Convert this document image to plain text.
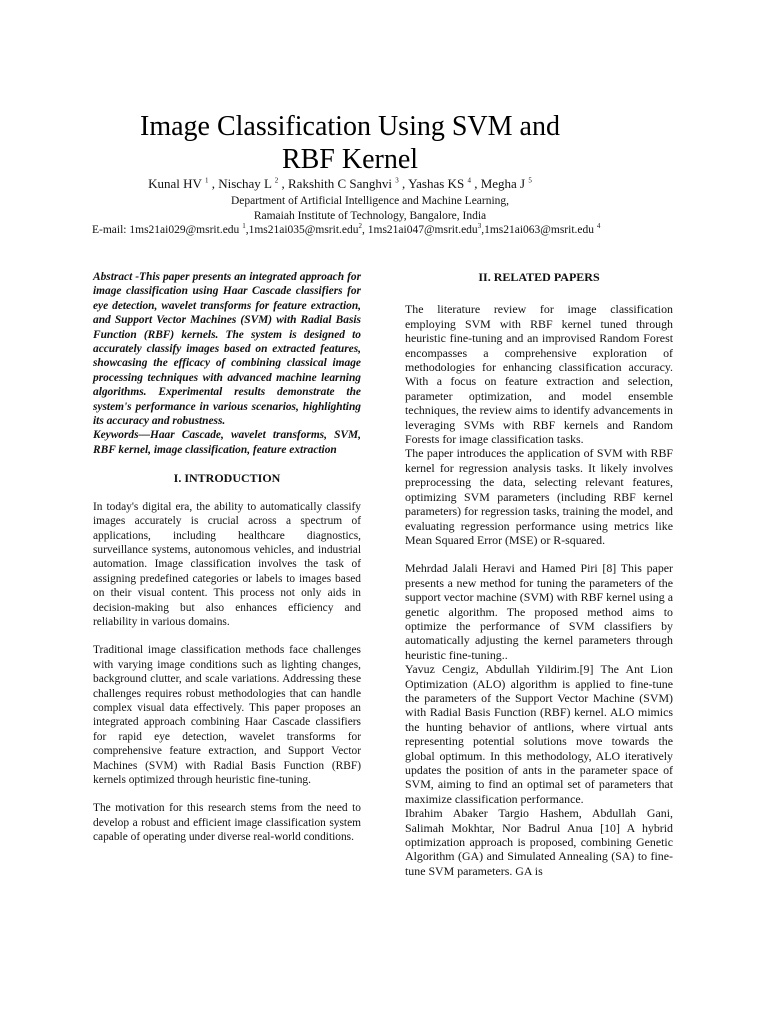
Image Classification Using SVM and
RBF Kernel
Kunal HV $^1$ , Nischay L $^2$ , Rakshith C Sanghvi $^3$ , Yashas KS $^4$ , Megha J $^5$
Department of Artificial Intelligence and Machine Learning,
Ramaiah Institute of Technology, Bangalore, India
E-mail: 1ms21ai029@msrit.edu $^1$,1ms21ai035@msrit.edu$^2$, 1ms21ai047@msrit.edu$^3$,1ms21ai063@msrit.edu $^4$

Abstract -This paper presents an integrated approach for image classification using Haar Cascade classifiers for eye detection, wavelet transforms for feature extraction, and Support Vector Machines (SVM) with Radial Basis Function (RBF) kernels. The system is designed to accurately classify images based on extracted features, showcasing the efficacy of combining classical image processing techniques with advanced machine learning algorithms. Experimental results demonstrate the system's performance in various scenarios, highlighting its accuracy and robustness.

Keywords—Haar Cascade, wavelet transforms, SVM, RBF kernel, image classification, feature extraction

I. INTRODUCTION

In today's digital era, the ability to automatically classify images accurately is crucial across a spectrum of applications, including healthcare diagnostics, surveillance systems, autonomous vehicles, and industrial automation. Image classification involves the task of assigning predefined categories or labels to images based on their visual content. This process not only aids in decision-making but also enhances efficiency and reliability in various domains.

Traditional image classification methods face challenges with varying image conditions such as lighting changes, background clutter, and scale variations. Addressing these challenges requires robust methodologies that can handle complex visual data effectively. This paper proposes an integrated approach combining Haar Cascade classifiers for rapid eye detection, wavelet transforms for comprehensive feature extraction, and Support Vector Machines (SVM) with Radial Basis Function (RBF) kernels optimized through heuristic fine-tuning.

The motivation for this research stems from the need to develop a robust and efficient image classification system capable of operating under diverse real-world conditions.

II. RELATED PAPERS

The literature review for image classification employing SVM with RBF kernel tuned through heuristic fine-tuning and an improvised Random Forest encompasses a comprehensive exploration of methodologies for enhancing classification accuracy. With a focus on feature extraction and selection, parameter optimization, and model ensemble techniques, the review aims to identify advancements in leveraging SVMs with RBF kernels and Random Forests for image classification tasks.

The paper introduces the application of SVM with RBF kernel for regression analysis tasks. It likely involves preprocessing the data, selecting relevant features, optimizing SVM parameters (including RBF kernel parameters) for regression tasks, training the model, and evaluating regression performance using metrics like Mean Squared Error (MSE) or R-squared.

Mehrdad Jalali Heravi and Hamed Piri [8] This paper presents a new method for tuning the parameters of the support vector machine (SVM) with RBF kernel using a genetic algorithm. The proposed method aims to optimize the performance of SVM classifiers by automatically adjusting the kernel parameters through heuristic fine-tuning..

Yavuz Cengiz, Abdullah Yildirim.[9] The Ant Lion Optimization (ALO) algorithm is applied to fine-tune the parameters of the Support Vector Machine (SVM) with Radial Basis Function (RBF) kernel. ALO mimics the hunting behavior of antlions, where virtual ants representing potential solutions move towards the global optimum. In this methodology, ALO iteratively updates the position of ants in the parameter space of SVM, aiming to find an optimal set of parameters that maximize classification performance.

Ibrahim Abaker Targio Hashem, Abdullah Gani, Salimah Mokhtar, Nor Badrul Anua [10] A hybrid optimization approach is proposed, combining Genetic Algorithm (GA) and Simulated Annealing (SA) to fine-tune SVM parameters. GA is
